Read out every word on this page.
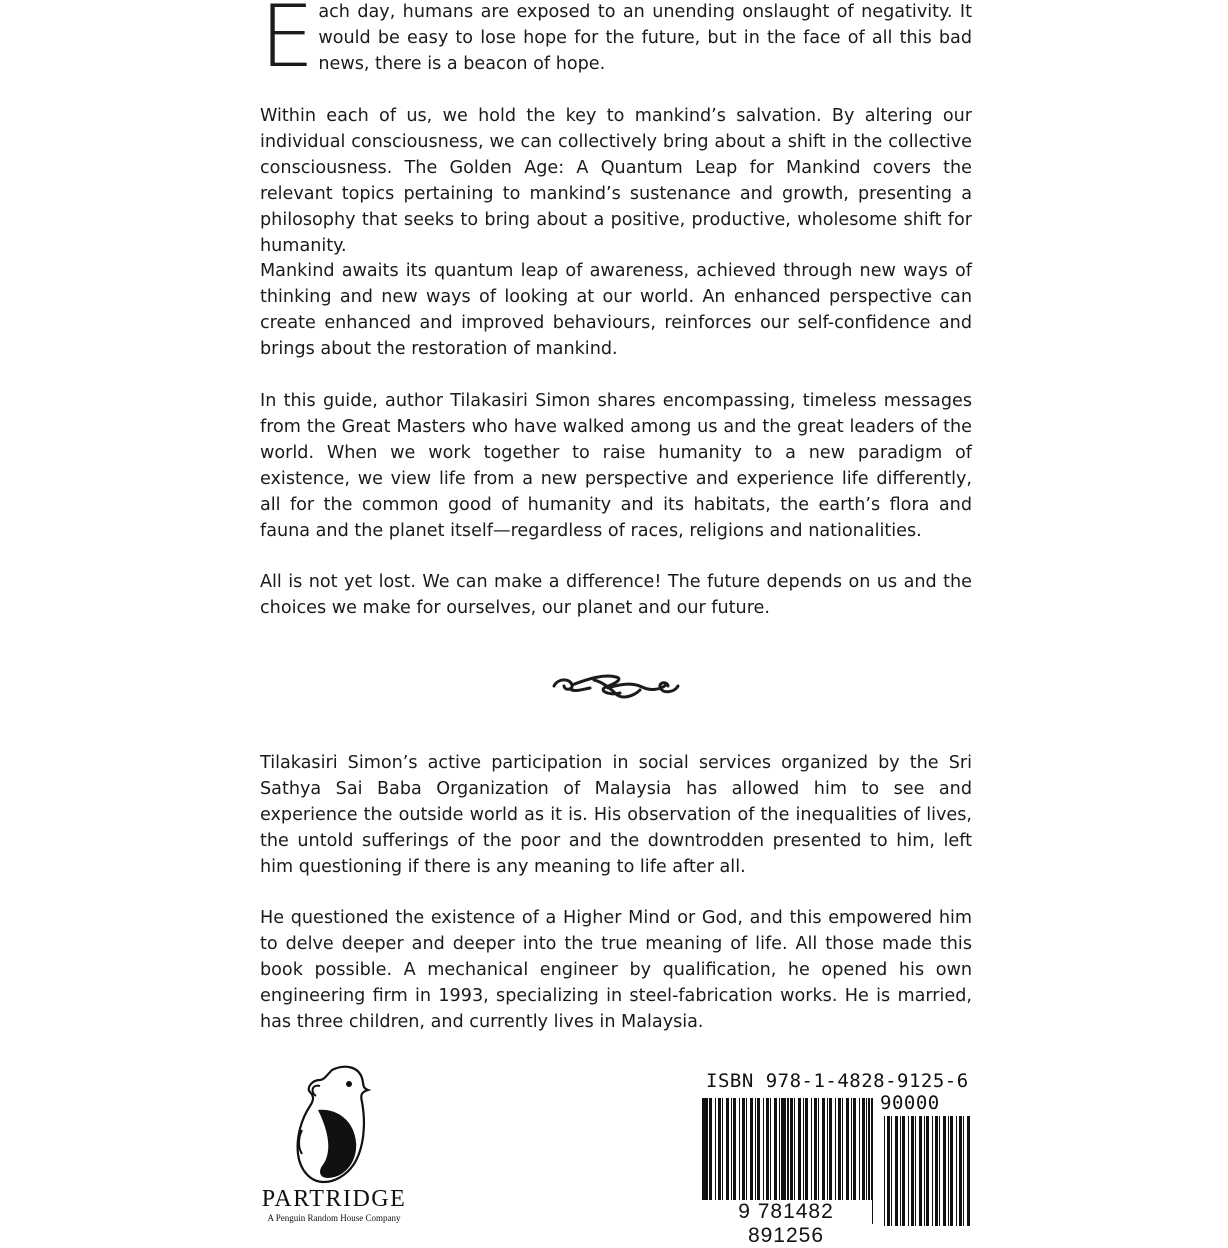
Each day, humans are exposed to an unending onslaught of negativity. It would be easy to lose hope for the future, but in the face of all this bad news, there is a beacon of hope.

Within each of us, we hold the key to mankind’s salvation. By altering our individual consciousness, we can collectively bring about a shift in the collective consciousness. The Golden Age: A Quantum Leap for Mankind covers the relevant topics pertaining to mankind’s sustenance and growth, presenting a philosophy that seeks to bring about a positive, productive, wholesome shift for humanity.

Mankind awaits its quantum leap of awareness, achieved through new ways of thinking and new ways of looking at our world. An enhanced perspective can create enhanced and improved behaviours, reinforces our self-confidence and brings about the restoration of mankind.

In this guide, author Tilakasiri Simon shares encompassing, timeless messages from the Great Masters who have walked among us and the great leaders of the world. When we work together to raise humanity to a new paradigm of existence, we view life from a new perspective and experience life differently, all for the common good of humanity and its habitats, the earth’s flora and fauna and the planet itself—regardless of races, religions and nationalities.

All is not yet lost. We can make a difference! The future depends on us and the choices we make for ourselves, our planet and our future.

Tilakasiri Simon’s active participation in social services organized by the Sri Sathya Sai Baba Organization of Malaysia has allowed him to see and experience the outside world as it is. His observation of the inequalities of lives, the untold sufferings of the poor and the downtrodden presented to him, left him questioning if there is any meaning to life after all.

He questioned the existence of a Higher Mind or God, and this empowered him to delve deeper and deeper into the true meaning of life. All those made this book possible. A mechanical engineer by qualification, he opened his own engineering firm in 1993, specializing in steel-fabrication works. He is married, has three children, and currently lives in Malaysia.

PARTRIDGE
A Penguin Random House Company
ISBN 978-1-4828-9125-6
90000
9 781482 891256
